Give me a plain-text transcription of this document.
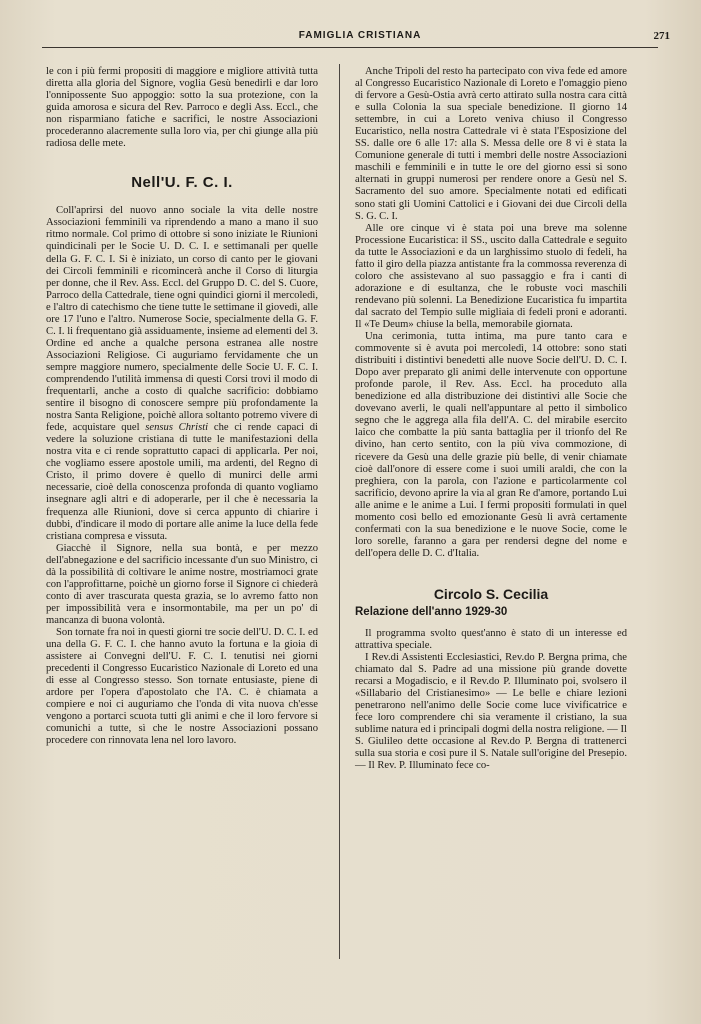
FAMIGLIA CRISTIANA	271

le con i più fermi propositi di maggiore e migliore attività tutta diretta alla gloria del Signore, voglia Gesù benedirli e dar loro l'onnipossente Suo appoggio: sotto la sua protezione, con la guida amorosa e sicura del Rev. Parroco e degli Ass. Eccl., che non risparmiano fatiche e sacrifici, le nostre Associazioni procederanno alacremente sulla loro via, per chi giunge alla più radiosa delle mete.

Nell'U. F. C. I.

Coll'aprirsi del nuovo anno sociale la vita delle nostre Associazioni femminili va riprendendo a mano a mano il suo ritmo normale. Col primo di ottobre si sono iniziate le Riunioni quindicinali per le Socie U. D. C. I. e settimanali per quelle della G. F. C. I. Si è iniziato, un corso di canto per le giovani dei Circoli femminili e ricomincerà anche il Corso di liturgia per donne, che il Rev. Ass. Eccl. del Gruppo D. C. del S. Cuore, Parroco della Cattedrale, tiene ogni quindici giorni il mercoledì, e l'altro di catechismo che tiene tutte le settimane il giovedì, alle ore 17 l'uno e l'altro. Numerose Socie, specialmente della G. F. C. I. li frequentano già assiduamente, insieme ad elementi del 3. Ordine ed anche a qualche persona estranea alle nostre Associazioni Religiose. Ci auguriamo fervidamente che un sempre maggiore numero, specialmente delle Socie U. F. C. I. comprendendo l'utilità immensa di questi Corsi trovi il modo di frequentarli, anche a costo di qualche sacrificio: dobbiamo sentire il bisogno di conoscere sempre più profondamente la nostra Santa Religione, poichè allora soltanto potremo vivere di fede, acquistare quel sensus Christi che ci rende capaci di vedere la soluzione cristiana di tutte le manifestazioni della nostra vita e ci rende soprattutto capaci di applicarla. Per noi, che vogliamo essere apostole umili, ma ardenti, del Regno di Cristo, il primo dovere è quello di munirci delle armi necessarie, cioè della conoscenza profonda di quanto vogliamo insegnare agli altri e di adoperarle, per il che è necessaria la frequenza alle Riunioni, dove si cerca appunto di chiarire i dubbi, d'indicare il modo di portare alle anime la luce della fede cristiana compresa e vissuta.

Giacchè il Signore, nella sua bontà, e per mezzo dell'abnegazione e del sacrificio incessante d'un suo Ministro, ci dà la possibilità di coltivare le anime nostre, mostriamoci grate con l'approfittarne, poichè un giorno forse il Signore ci chiederà conto di aver trascurata questa grazia, se lo avremo fatto non per impossibilità vera e insormontabile, ma per un po' di mancanza di buona volontà.

Son tornate fra noi in questi giorni tre socie dell'U. D. C. I. ed una della G. F. C. I. che hanno avuto la fortuna e la gioia di assistere ai Convegni dell'U. F. C. I. tenutisi nei giorni precedenti il Congresso Eucaristico Nazionale di Loreto ed una di esse al Congresso stesso. Son tornate entusiaste, piene di ardore per l'opera d'apostolato che l'A. C. è chiamata a compiere e noi ci auguriamo che l'onda di vita nuova ch'esse vengono a portarci scuota tutti gli animi e che il loro fervore si comunichi a tutte, sì che le nostre Associazioni possano procedere con rinnovata lena nel loro lavoro.

Anche Tripoli del resto ha partecipato con viva fede ed amore al Congresso Eucaristico Nazionale di Loreto e l'omaggio pieno di fervore a Gesù-Ostia avrà certo attirato sulla nostra cara città e sulla Colonia la sua speciale benedizione. Il giorno 14 settembre, in cui a Loreto veniva chiuso il Congresso Eucaristico, nella nostra Cattedrale vi è stata l'Esposizione del SS. dalle ore 6 alle 17: alla S. Messa delle ore 8 vi è stata la Comunione generale di tutti i membri delle nostre Associazioni maschili e femminili e in tutte le ore del giorno essi si sono alternati in gruppi numerosi per rendere onore a Gesù nel S. Sacramento del suo amore. Specialmente notati ed edificati sono stati gli Uomini Cattolici e i Giovani dei due Circoli della S. G. C. I.

Alle ore cinque vi è stata poi una breve ma solenne Processione Eucaristica: il SS., uscito dalla Cattedrale e seguito da tutte le Associazioni e da un larghissimo stuolo di fedeli, ha fatto il giro della piazza antistante fra la commossa reverenza di coloro che assistevano al suo passaggio e fra i canti di adorazione e di esultanza, che le robuste voci maschili rendevano più solenni. La Benedizione Eucaristica fu impartita dal sacrato del Tempio sulle migliaia di fedeli proni e adoranti. Il «Te Deum» chiuse la bella, memorabile giornata.

Una cerimonia, tutta intima, ma pure tanto cara e commovente si è avuta poi mercoledì, 14 ottobre: sono stati distribuiti i distintivi benedetti alle nuove Socie dell'U. D. C. I. Dopo aver preparato gli animi delle intervenute con opportune profonde parole, il Rev. Ass. Eccl. ha proceduto alla benedizione ed alla distribuzione dei distintivi alle Socie che dovevano averli, le quali nell'appuntare al petto il simbolico segno che le aggrega alla fila dell'A. C. del mirabile esercito laico che combatte la più santa battaglia per il trionfo del Re divino, han certo sentito, con la più viva commozione, di ricevere da Gesù una delle grazie più belle, di venir chiamate cioè dall'onore di essere come i suoi umili araldi, che con la preghiera, con la parola, con l'azione e particolarmente col sacrificio, devono aprire la via al gran Re d'amore, portando Lui alle anime e le anime a Lui. I fermi propositi formulati in quel momento così bello ed emozionante Gesù li avrà certamente confermati con la sua benedizione e le nuove Socie, come le loro sorelle, faranno a gara per rendersi degne del nome e dell'opera delle D. C. d'Italia.

Circolo S. Cecilia
Relazione dell'anno 1929-30

Il programma svolto quest'anno è stato di un interesse ed attrattiva speciale.

I Rev.di Assistenti Ecclesiastici, Rev.do P. Bergna prima, che chiamato dal S. Padre ad una missione più grande dovette recarsi a Mogadiscio, e il Rev.do P. Illuminato poi, svolsero il «Sillabario del Cristianesimo» — Le belle e chiare lezioni penetrarono nell'animo delle Socie come luce vivificatrice e fece loro comprendere chi sia veramente il cristiano, la sua sublime natura ed i principali dogmi della nostra religione. — Il S. Giulileo dette occasione al Rev.do P. Bergna di trattenerci sulla sua storia e così pure il S. Natale sull'origine del Presepio. — Il Rev. P. Illuminato fece co-
